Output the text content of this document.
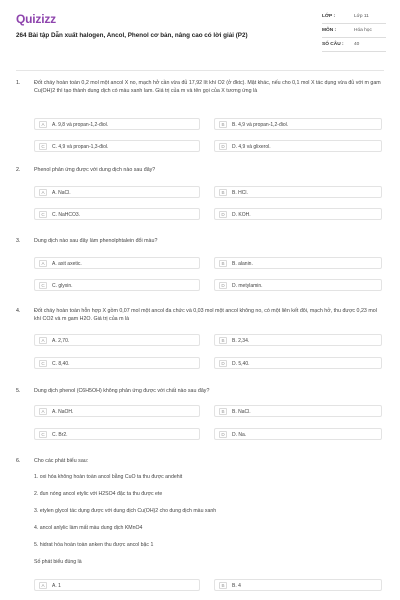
Quizizz
264 Bài tập Dẫn xuất halogen, Ancol, Phenol cơ bản, nâng cao có lời giải (P2)
LỚP :	Lớp 11
MÔN :	Hóa học
SỐ CÂU :	40
1.	Đốt cháy hoàn toàn 0,2 mol một ancol X no, mạch hở cần vừa đủ 17,92 lít khí O2 (ở đktc). Mặt khác, nếu cho 0,1 mol X tác dụng vừa đủ với m gam Cu(OH)2 thì tạo thành dung dịch có màu xanh lam. Giá trị của m và tên gọi của X tương ứng là
A	A. 9,8 và propan-1,2-điol.	B	B. 4,9 và propan-1,2-điol.
C	C. 4,9 và propan-1,3-điol.	D	D. 4,9 và glixerol.
2.	Phenol phản ứng được với dung dịch nào sau đây?
A	A. NaCl.	B	B. HCl.
C	C. NaHCO3.	D	D. KOH.
3.	Dung dịch nào sau đây làm phenolphtalein đổi màu?
A	A. axit axetic.	B	B. alanin.
C	C. glyxin.	D	D. metylamin.
4.	Đốt cháy hoàn toàn hỗn hợp X gồm 0,07 mol một ancol đa chức và 0,03 mol một ancol không no, có một liên kết đôi, mạch hở, thu được 0,23 mol khí CO2 và m gam H2O. Giá trị của m là
A	A. 2,70.	B	B. 2,34.
C	C. 8,40.	D	D. 5,40.
5.	Dung dịch phenol (C6H5OH) không phản ứng được với chất nào sau đây?
A	A. NaOH.	B	B. NaCl.
C	C. Br2.	D	D. Na.
6.	Cho các phát biểu sau:
1. oxi hóa không hoàn toàn ancol bằng CuO ta thu được andehit
2. đun nóng ancol etylic với H2SO4 đặc ta thu được ete
3. etylen glycol tác dụng được với dung dịch Cu(OH)2 cho dung dịch màu xanh
4. ancol anlylic làm mất màu dung dịch KMnO4
5. hidrat hóa hoàn toàn anken thu được ancol bậc 1
Số phát biểu đúng là
A	A. 1	B	B. 4
